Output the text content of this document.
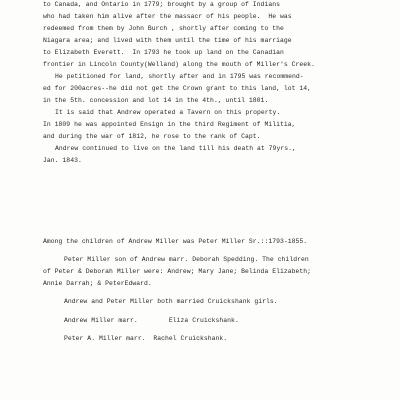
to Canada, and Ontario in 1779; brought by a group of Indians
who had taken him alive after the massacr of his people.  He was
redeemed from them by John Burch , shortly after coming to the
Niagara area; and lived with them until the time of his marriage
to Elizabeth Everett.  In 1793 he took up land on the Canadian
frontier in Lincoln County(Welland) along the mouth of Miller's Creek.
He petitioned for land, shortly after and in 1795 was recommend-
ed for 200acres--he did not get the Crown grant to this land, lot 14,
in the 5th. concession and lot 14 in the 4th., until 1801.
It is said that Andrew operated a Tavern on this property.
In 1809 he was appointed Ensign in the third Regiment of Militia,
and during the war of 1812, he rose to the rank of Capt.
Andrew continued to live on the land till his death at 79yrs.,
Jan. 1843.
Among the children of Andrew Miller was Peter Miller Sr.::1793-1855.
Peter Miller son of Andrew marr. Deborah Spedding. The children
of Peter & Deborah Miller were: Andrew; Mary Jane; Belinda Elizabeth;
Annie Darrah; & PeterEdward.
Andrew and Peter Miller both married Cruickshank girls.
Andrew Miller marr.        Eliza Cruickshank.
Peter A. Miller marr.  Rachel Cruickshank.
